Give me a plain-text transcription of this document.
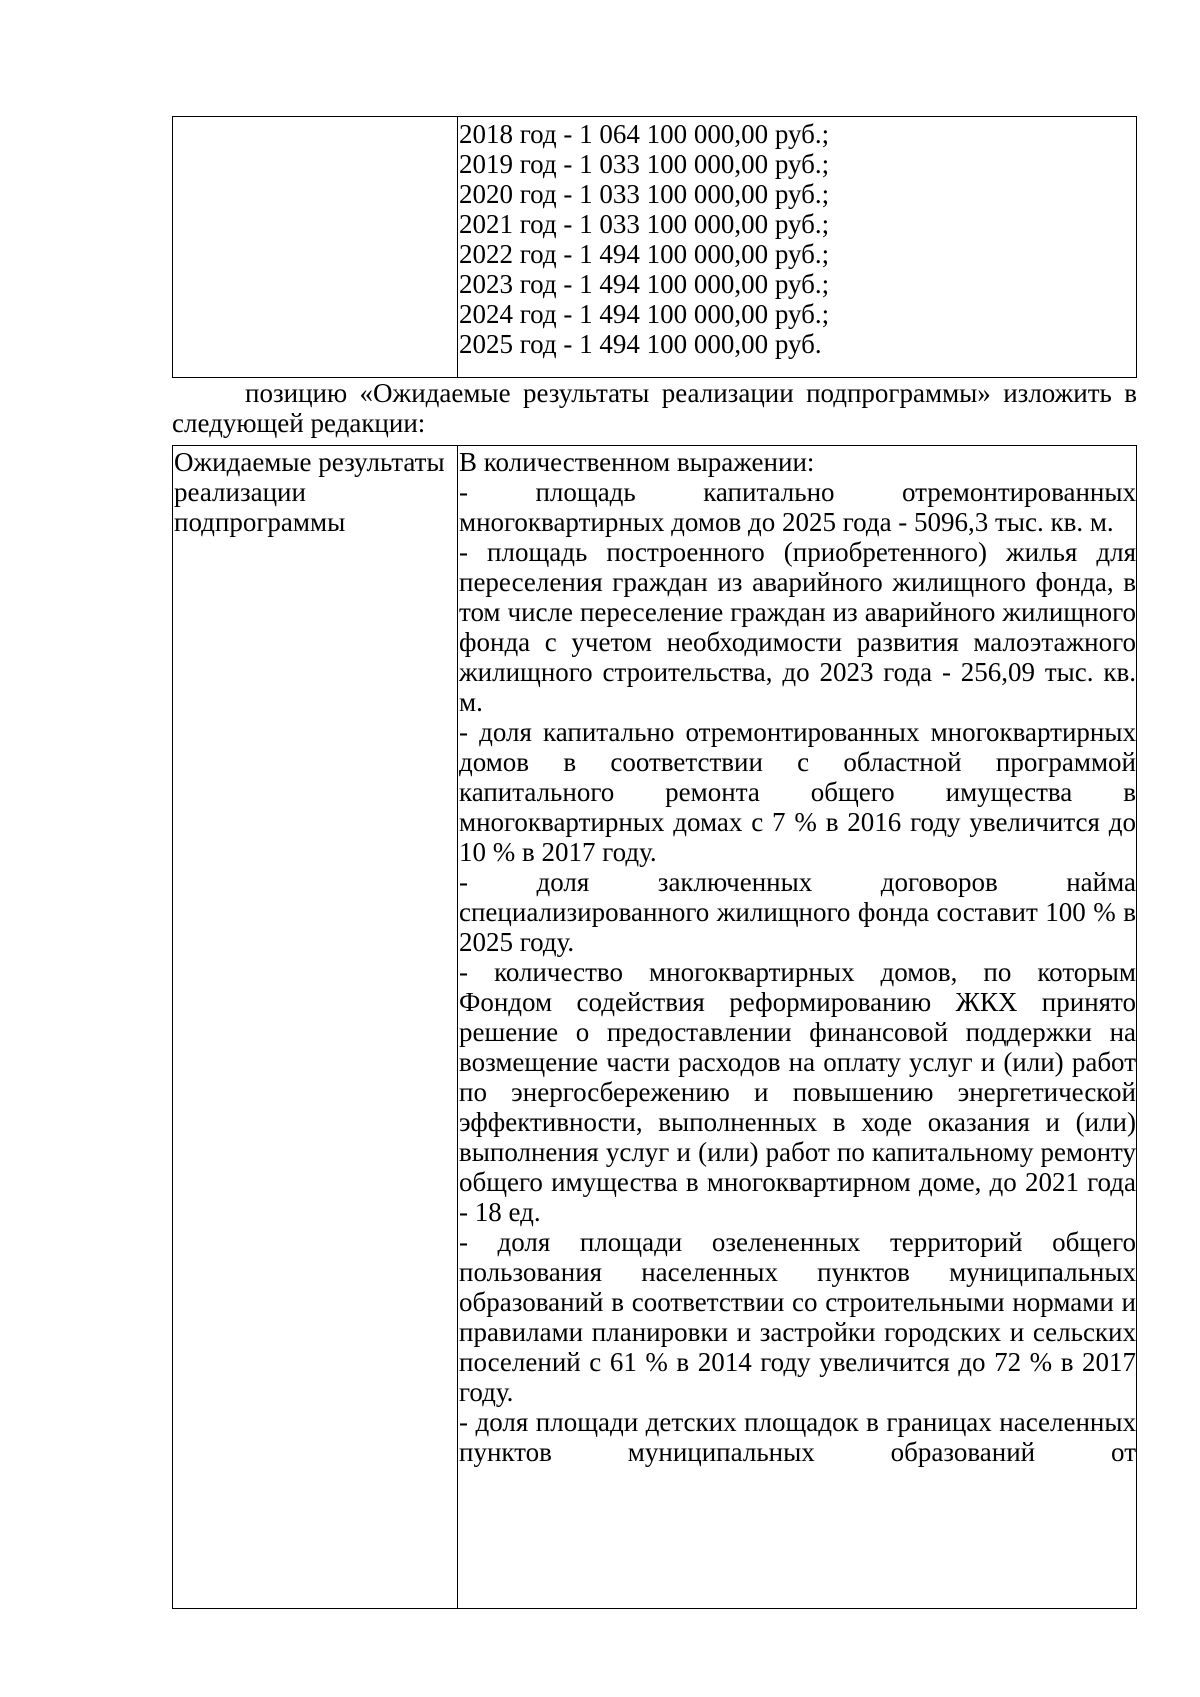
2018 год - 1 064 100 000,00 руб.;
2019 год - 1 033 100 000,00 руб.;
2020 год - 1 033 100 000,00 руб.;
2021 год - 1 033 100 000,00 руб.;
2022 год - 1 494 100 000,00 руб.;
2023 год - 1 494 100 000,00 руб.;
2024 год - 1 494 100 000,00 руб.;
2025 год - 1 494 100 000,00 руб.

позицию «Ожидаемые результаты реализации подпрограммы» изложить в следующей редакции:

Ожидаемые результаты реализации подпрограммы
В количественном выражении:
- площадь капитально отремонтированных многоквартирных домов до 2025 года - 5096,3 тыс. кв. м.
- площадь построенного (приобретенного) жилья для переселения граждан из аварийного жилищного фонда, в том числе переселение граждан из аварийного жилищного фонда с учетом необходимости развития малоэтажного жилищного строительства, до 2023 года - 256,09 тыс. кв. м.
- доля капитально отремонтированных многоквартирных домов в соответствии с областной программой капитального ремонта общего имущества в многоквартирных домах с 7 % в 2016 году увеличится до 10 % в 2017 году.
- доля заключенных договоров найма специализированного жилищного фонда составит 100 % в 2025 году.
- количество многоквартирных домов, по которым Фондом содействия реформированию ЖКХ принято решение о предоставлении финансовой поддержки на возмещение части расходов на оплату услуг и (или) работ по энергосбережению и повышению энергетической эффективности, выполненных в ходе оказания и (или) выполнения услуг и (или) работ по капитальному ремонту общего имущества в многоквартирном доме, до 2021 года - 18 ед.
- доля площади озелененных территорий общего пользования населенных пунктов муниципальных образований в соответствии со строительными нормами и правилами планировки и застройки городских и сельских поселений с 61 % в 2014 году увеличится до 72 % в 2017 году.
- доля площади детских площадок в границах населенных пунктов муниципальных образований от
